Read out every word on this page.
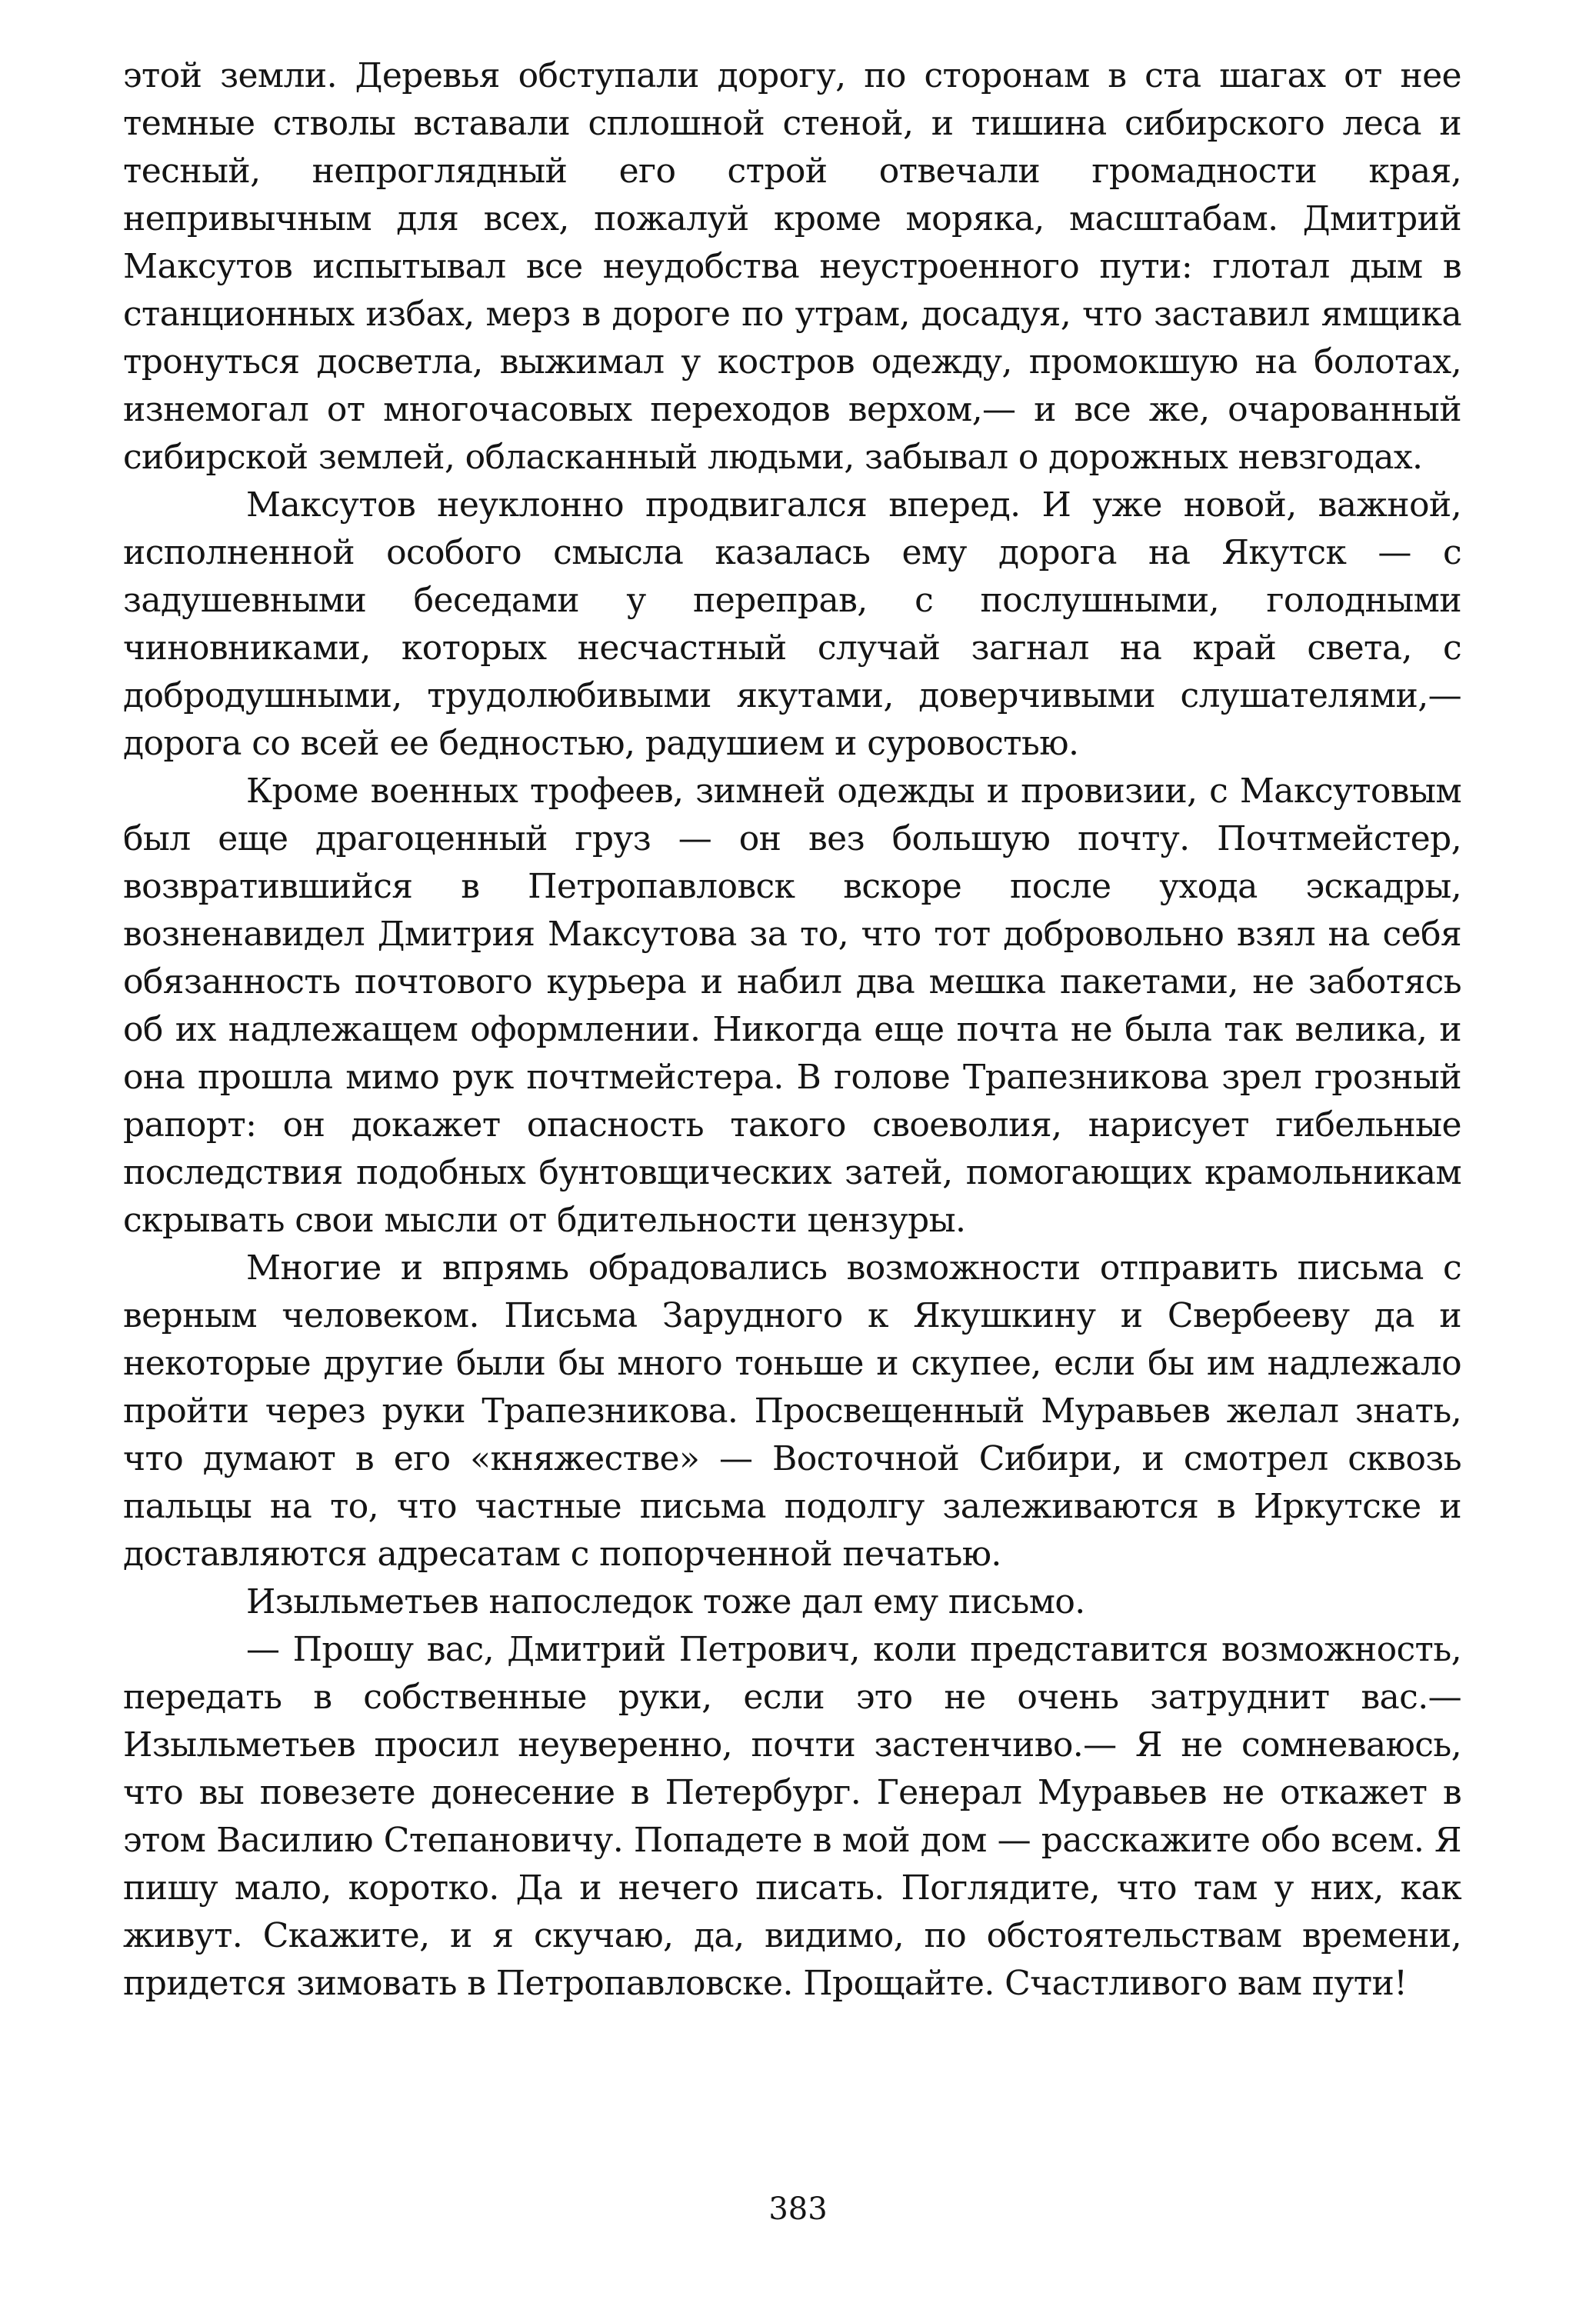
этой земли. Деревья обступали дорогу, по сторонам в ста шагах от нее темные стволы вставали сплошной стеной, и тишина сибирского леса и тесный, непроглядный его строй отвечали громадности края, непривычным для всех, пожалуй кроме моряка, масштабам. Дмитрий Максутов испытывал все неудобства неустроенного пути: глотал дым в станционных избах, мерз в дороге по утрам, досадуя, что заставил ямщика тронуться досветла, выжимал у костров одежду, промокшую на болотах, изнемогал от многочасовых переходов верхом,— и все же, очарованный сибирской землей, обласканный людьми, забывал о дорожных невзгодах.

Максутов неуклонно продвигался вперед. И уже новой, важной, исполненной особого смысла казалась ему дорога на Якутск — с задушевными беседами у переправ, с послушными, голодными чиновниками, которых несчастный случай загнал на край света, с добродушными, трудолюбивыми якутами, доверчивыми слушателями,— дорога со всей ее бедностью, радушием и суровостью.

Кроме военных трофеев, зимней одежды и провизии, с Максутовым был еще драгоценный груз — он вез большую почту. Почтмейстер, возвратившийся в Петропавловск вскоре после ухода эскадры, возненавидел Дмитрия Максутова за то, что тот добровольно взял на себя обязанность почтового курьера и набил два мешка пакетами, не заботясь об их надлежащем оформлении. Никогда еще почта не была так велика, и она прошла мимо рук почтмейстера. В голове Трапезникова зрел грозный рапорт: он докажет опасность такого своеволия, нарисует гибельные последствия подобных бунтовщических затей, помогающих крамольникам скрывать свои мысли от бдительности цензуры.

Многие и впрямь обрадовались возможности отправить письма с верным человеком. Письма Зарудного к Якушкину и Свербееву да и некоторые другие были бы много тоньше и скупее, если бы им надлежало пройти через руки Трапезникова. Просвещенный Муравьев желал знать, что думают в его «княжестве» — Восточной Сибири, и смотрел сквозь пальцы на то, что частные письма подолгу залеживаются в Иркутске и доставляются адресатам с попорченной печатью.

Изыльметьев напоследок тоже дал ему письмо.

— Прошу вас, Дмитрий Петрович, коли представится возможность, передать в собственные руки, если это не очень затруднит вас.— Изыльметьев просил неуверенно, почти застенчиво.— Я не сомневаюсь, что вы повезете донесение в Петербург. Генерал Муравьев не откажет в этом Василию Степановичу. Попадете в мой дом — расскажите обо всем. Я пишу мало, коротко. Да и нечего писать. Поглядите, что там у них, как живут. Скажите, и я скучаю, да, видимо, по обстоятельствам времени, придется зимовать в Петропавловске. Прощайте. Счастливого вам пути!

383
